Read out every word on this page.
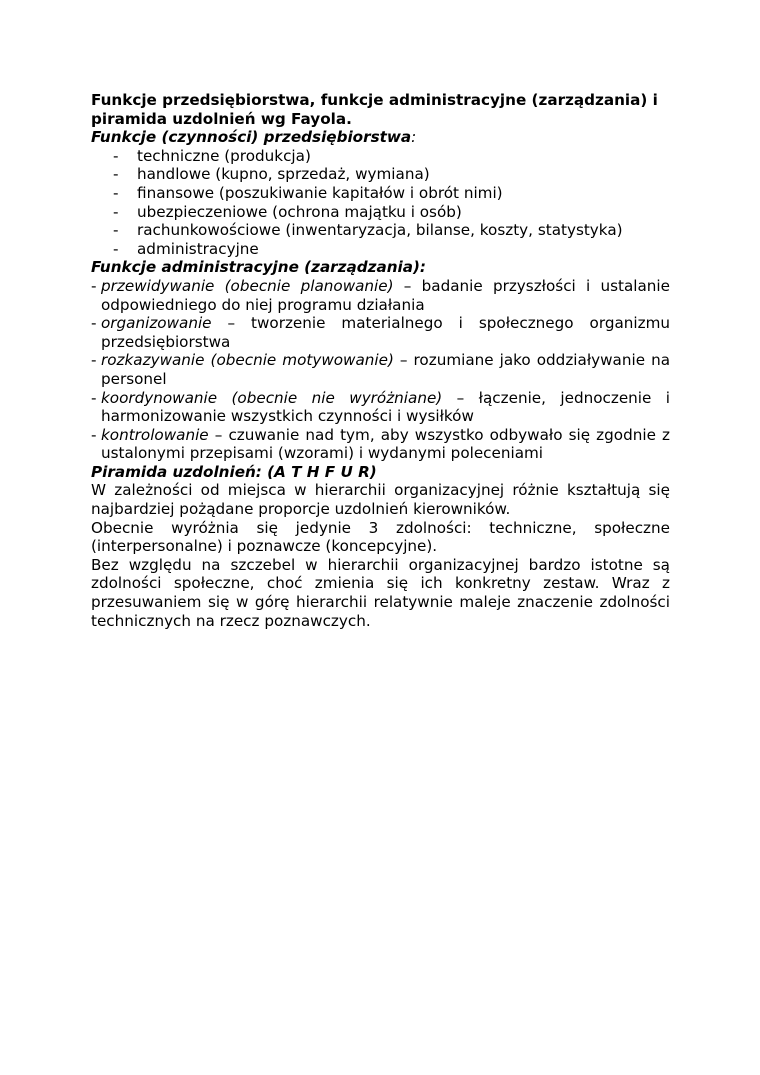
Funkcje przedsiębiorstwa, funkcje administracyjne (zarządzania) i piramida uzdolnień wg Fayola.

Funkcje (czynności) przedsiębiorstwa:

- techniczne (produkcja)
- handlowe (kupno, sprzedaż, wymiana)
- finansowe (poszukiwanie kapitałów i obrót nimi)
- ubezpieczeniowe (ochrona majątku i osób)
- rachunkowościowe (inwentaryzacja, bilanse, koszty, statystyka)
- administracyjne

Funkcje administracyjne (zarządzania):

- przewidywanie (obecnie planowanie) – badanie przyszłości i ustalanie odpowiedniego do niej programu działania
- organizowanie – tworzenie materialnego i społecznego organizmu przedsiębiorstwa
- rozkazywanie (obecnie motywowanie) – rozumiane jako oddziaływanie na personel
- koordynowanie (obecnie nie wyróżniane) – łączenie, jednoczenie i harmonizowanie wszystkich czynności i wysiłków
- kontrolowanie – czuwanie nad tym, aby wszystko odbywało się zgodnie z ustalonymi przepisami (wzorami) i wydanymi poleceniami

Piramida uzdolnień: (A T H F U R)

W zależności od miejsca w hierarchii organizacyjnej różnie kształtują się najbardziej pożądane proporcje uzdolnień kierowników.

Obecnie wyróżnia się jedynie 3 zdolności: techniczne, społeczne (interpersonalne) i poznawcze (koncepcyjne).

Bez względu na szczebel w hierarchii organizacyjnej bardzo istotne są zdolności społeczne, choć zmienia się ich konkretny zestaw. Wraz z przesuwaniem się w górę hierarchii relatywnie maleje znaczenie zdolności technicznych na rzecz poznawczych.
